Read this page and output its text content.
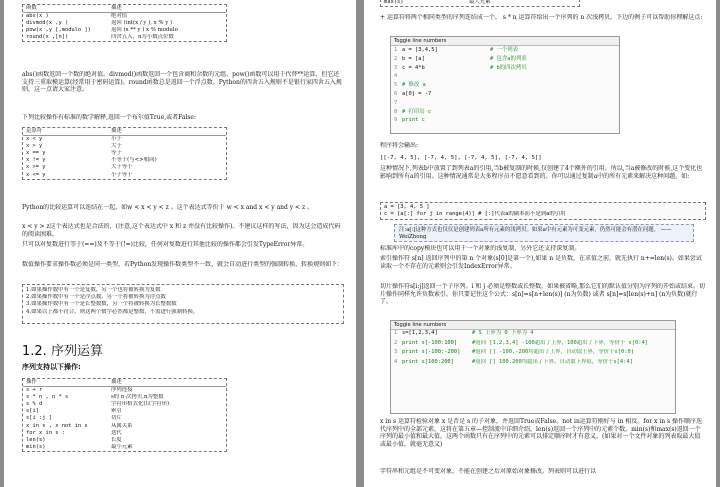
函数	描述
abs(x )	绝对值
divmod(x ,y )	返回 (int(x / y ), x % y )
pow(x ,y [,modulo ])	返回 (x ** y ) x % modulo
round(x ,[n])	四舍五入，n为小数点位数
abs()函数返回一个数的绝对值。divmod()函数返回一个包含商和余数的元组。pow()函数可以用于代替**运算，但它还支持三重取模运算(经常用于密码运算)。round函数总是返回一个浮点数。Python的四舍五入规则不是银行家四舍五入规则，这一点请大家注意。
下列比较操作有标准的数学解释,返回一个布尔值True,或者False:
运算符	描述
x < y	小于
x > y	大于
x == y	等于
x != y	不等于(与<>相同)
x >= y	大于等于
x <= y	小于等于
Python的比较运算可以连结在一起，如w < x < y < z 。这个表达式等价于 w < x and x < y and y < z 。
x < y > z这个表达式也是合法的，(注意,这个表达式中 x 和 z 并没有比较操作)。不建议这样的写法，因为这会造成代码的阅读困难。
只可以对复数进行等于(==)及不等于(!=)比较，任何对复数进行其他比较的操作都会引发TypeError异常。
数值操作要求操作数必须是同一类型，若Python发现操作数类型不一致，就会自动进行类型的强制转换，转换规则如下：
1.如果操作数中有一个是复数，另一个也将被转换为复数
2.如果操作数中有一个是浮点数，另一个将被转换为浮点数
3.如果操作数中有一个是长整数数，另一个将被转换为长整数数
4.如果以上都不符合，则这两个数字必然都是整数，不需进行强制转换。
1.2. 序列运算
序列支持以下操作:
操作	描述
s + r	序列连接
s * n , n * s	s的 n 次拷贝,n为整数
s % d	字符串格式化(仅字符串)
s[i]	索引
s[i :j ]	切片
x in s , x not in s	从属关系
for x in s :	迭代
len(s)	长度
min(s)	最小元素
max(s)	最大元素
+ 运算符将两个相同类型的序列连结成一个。 s * n 运算符给出一个序列的 n 次浅拷贝。下边的例子可以帮助你理解这点:
Toggle line numbers
1 a = [3,4,5]	# 一个列表
2 b = [a]	# 包含a的列表
3 c = 4*b	# b的四次拷贝
4
5 # 修改 a
6 a[0] = -7
7
8 # 打印出 c
9 print c
程序将会输出:
[[-7, 4, 5], [-7, 4, 5], [-7, 4, 5], [-7, 4, 5]]
这种情况下,列表b中放置了到列表a的引用,当b被复制的时候,仅创建了4个额外的引用。所以,当a被修改的时候,这个变化也影响到所有a的引用。这种情况通常是大多程序员不愿意看到的。你可以通过复制a中的所有元素来解决这种问题。如:
a = [3, 4, 5 ]
c = [a[:] for j in range(4)] # [:]代表a的副本而不是到a的引用
注:a[:]这种方式也仅仅是创建列表a所有元素的浅拷贝。如果a中有元素为可变元素，仍然可能会有潜在问题。 ——WeiZhong
标准库中的copy模块也可以用于一个对象的浅复制，另外它还支持深复制。
索引操作符 s[n] 返回序列中的第 n 个对象(s[0]是第一个),如果 n 是负数，在求值之前，就先执行 n+=len(s)。如果尝试读取一个不存在的元素则会引发IndexError异常。
切片操作符s[i:j]返回一个子序列。i 和 j 必须是整数或长整数。如果被省略,那么它们的默认值分别为序列的开始或结束。切片操作同样允许负数索引。你只要记住这个公式：s[n]=s[n+len(s)] (n为负数) 或者 s[n]=s[len(s)+n] (n为负数)就行了。
Toggle line numbers
1 s=[1,2,3,4]	# S 上界为 0 下界为 4
2 print s[-100:100]	#返回 [1,2,3,4] -100超出了上界，100超出了下界，等价于 s[0:4]
3 print s[-100:-200] #返回 [] -100,-200均超出了上界，自动取上界，等价于s[0:0]
4 print s[100:200]	#返回 [] 100,200均超出了下界，自动取下界值，等价于s[4:4]
x in s 运算符检验对象 x 是否是 s 的子对象，并返回True或False。not in运算符刚好与 in 相反。for x in s 操作顺序迭代序列中的全部元素，这将在第五章—控制流中详细介绍。len(s)返回一个序列中的元素个数。min(s)和max(s)返回一个序列的最小值和最大值，这两个函数只有在序列中的元素可以排定顺序时才有意义。(如果对一个文件对象的列表取最大值或最小值，就毫无意义)
字符串和元组是不可变对象，不能在创建之后对原始对象修改。列表则可以进行以
